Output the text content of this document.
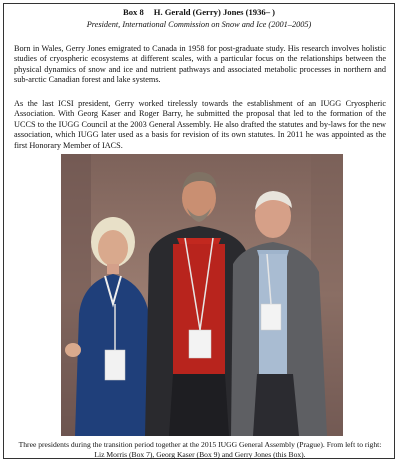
Box 8 H. Gerald (Gerry) Jones (1936– )
President, International Commission on Snow and Ice (2001–2005)

Born in Wales, Gerry Jones emigrated to Canada in 1958 for post-graduate study. His research involves holistic studies of cryospheric ecosystems at different scales, with a particular focus on the relationships between the physical dynamics of snow and ice and nutrient pathways and associated metabolic processes in northern and sub-arctic Canadian forest and lake systems.

As the last ICSI president, Gerry worked tirelessly towards the establishment of an IUGG Cryospheric Association. With Georg Kaser and Roger Barry, he submitted the proposal that led to the formation of the UCCS to the IUGG Council at the 2003 General Assembly. He also drafted the statutes and by-laws for the new association, which IUGG later used as a basis for revision of its own statutes. In 2011 he was appointed as the first Honorary Member of IACS.

Three presidents during the transition period together at the 2015 IUGG General Assembly (Prague). From left to right: Liz Morris (Box 7), Georg Kaser (Box 9) and Gerry Jones (this Box).
